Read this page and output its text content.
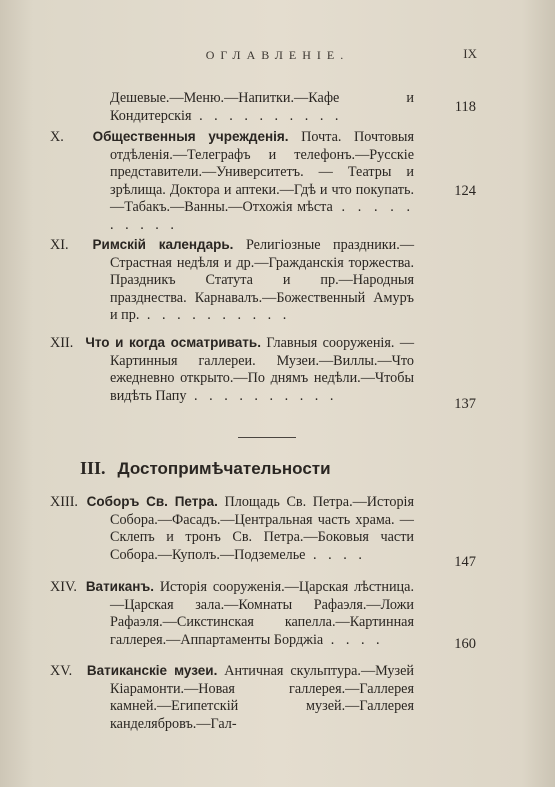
ОГЛАВЛЕНІЕ.	IX
Дешевые.—Меню.—Напитки.—Кафе и Кондитерскія . . . . . . . . . .
118
X. Общественныя учрежденія. Почта. Почтовыя отдѣленія.—Телеграфъ и телефонъ.—Русскіе представители.—Университетъ. — Театры и зрѣлища. Доктора и аптеки.—Гдѣ и что покупать.—Табакъ.—Ванны.—Отхожія мѣста . . . . . . . . . .
124
XI. Римскій календарь. Религіозные праздники.—Страстная недѣля и др.—Гражданскія торжества. Праздникъ Статута и пр.—Народныя празднества. Карнавалъ.—Божественный Амуръ и пр. . . . . . . . . . .
XII. Что и когда осматривать. Главныя сооруженія. — Картинныя галлереи. Музеи.—Виллы.—Что ежедневно открыто.—По днямъ недѣли.—Чтобы видѣть Папу . . . . . . . . . .
137
III. Достопримѣчательности
XIII. Соборъ Св. Петра. Площадь Св. Петра.—Исторія Собора.—Фасадъ.—Центральная часть храма. — Склепъ и тронъ Св. Петра.—Боковыя части Собора.—Куполъ.—Подземелье . . . .	147
XIV. Ватиканъ. Исторія сооруженія.—Царская лѣстница.—Царская зала.—Комнаты Рафаэля.—Ложи Рафаэля.—Сикстинская капелла.—Картинная галлерея.—Аппартаменты Борджіа . . . .	160
XV. Ватиканскіе музеи. Античная скульптура.—Музей Кіарамонти.—Новая галлерея.—Галлерея камней.—Египетскій музей.—Галлерея канделябровъ.—Гал-
